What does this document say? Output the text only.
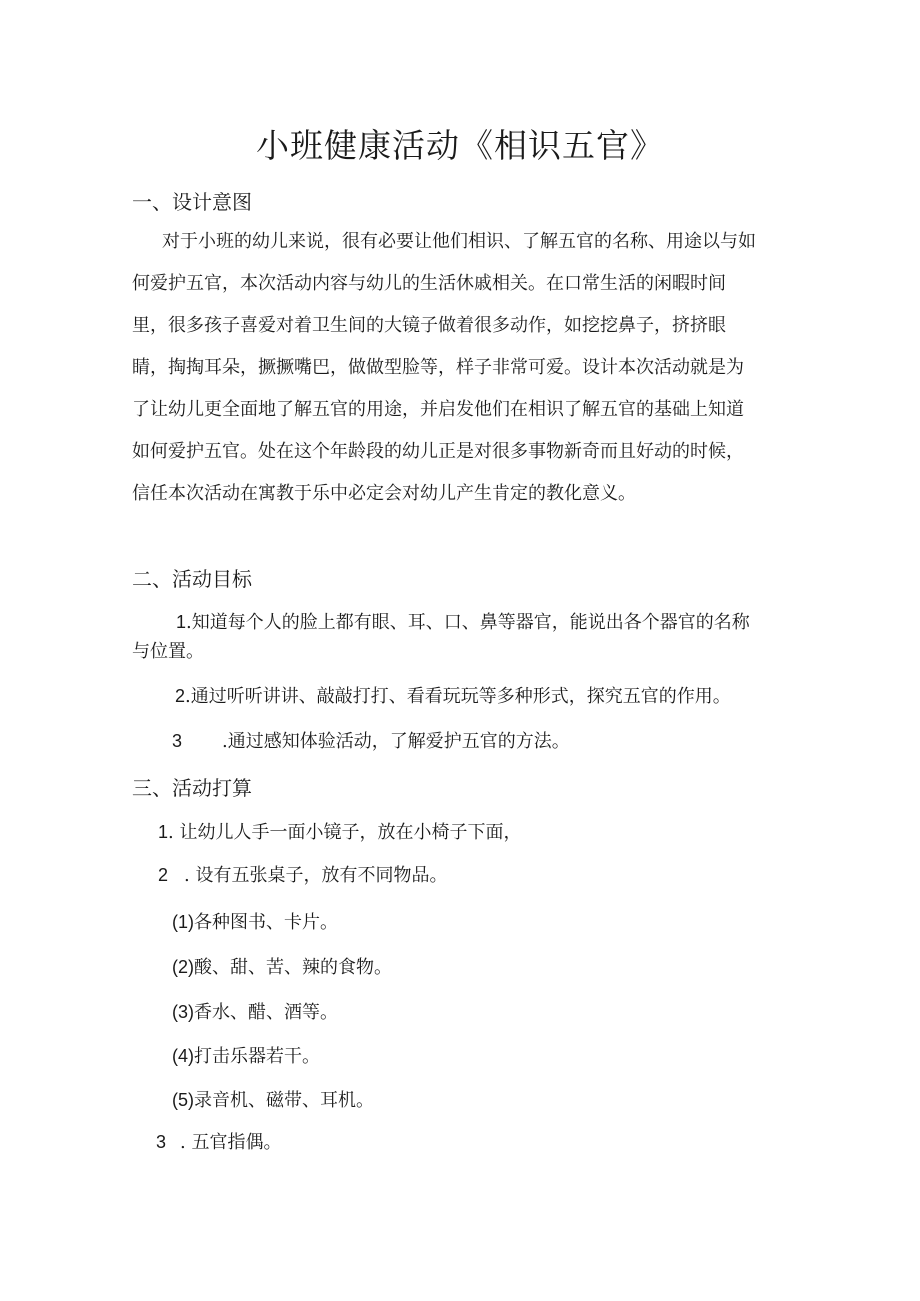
小班健康活动《相识五官》
一、设计意图
对于小班的幼儿来说，很有必要让他们相识、了解五官的名称、用途以与如
何爱护五官，本次活动内容与幼儿的生活休戚相关。在口常生活的闲暇时间
里，很多孩子喜爱对着卫生间的大镜子做着很多动作，如挖挖鼻子，挤挤眼
睛，掏掏耳朵，撅撅嘴巴，做做型脸等，样子非常可爱。设计本次活动就是为
了让幼儿更全面地了解五官的用途，并启发他们在相识了解五官的基础上知道
如何爱护五官。处在这个年龄段的幼儿正是对很多事物新奇而且好动的时候，
信任本次活动在寓教于乐中必定会对幼儿产生肯定的教化意义。
二、活动目标
1.知道每个人的脸上都有眼、耳、口、鼻等器官，能说出各个器官的名称
与位置。
2.通过听听讲讲、敲敲打打、看看玩玩等多种形式，探究五官的作用。
3 .通过感知体验活动，了解爱护五官的方法。
三、活动打算
1. 让幼儿人手一面小镜子，放在小椅子下面，
2 . 设有五张桌子，放有不同物品。
(1)各种图书、卡片。
(2)酸、甜、苦、辣的食物。
(3)香水、醋、酒等。
(4)打击乐器若干。
(5)录音机、磁带、耳机。
3 . 五官指偶。
